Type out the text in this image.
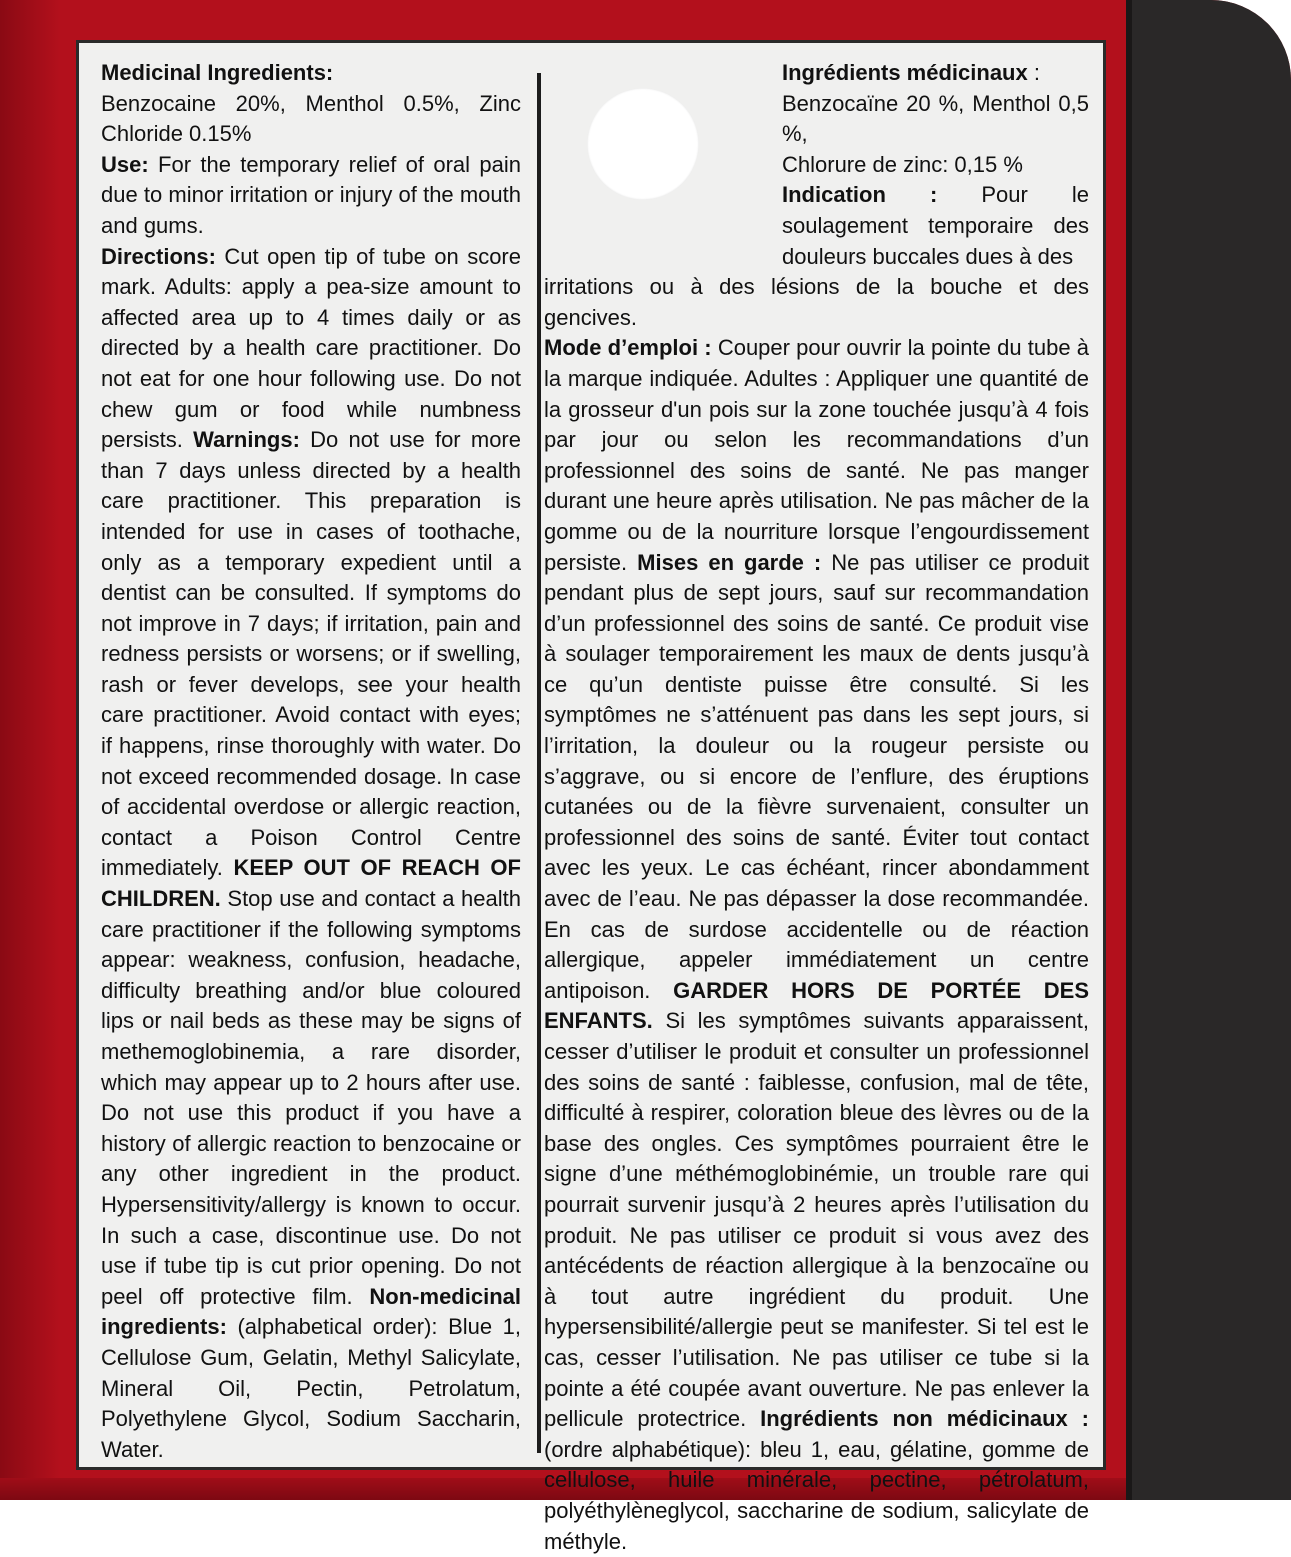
Medicinal Ingredients:
Benzocaine 20%, Menthol 0.5%, Zinc Chloride 0.15%

Use: For the temporary relief of oral pain due to minor irritation or injury of the mouth and gums.

Directions: Cut open tip of tube on score mark. Adults: apply a pea-size amount to affected area up to 4 times daily or as directed by a health care practitioner. Do not eat for one hour following use. Do not chew gum or food while numbness persists. Warnings: Do not use for more than 7 days unless directed by a health care practitioner. This preparation is intended for use in cases of toothache, only as a temporary expedient until a dentist can be consulted. If symptoms do not improve in 7 days; if irritation, pain and redness persists or worsens; or if swelling, rash or fever develops, see your health care practitioner. Avoid contact with eyes; if happens, rinse thoroughly with water. Do not exceed recommended dosage. In case of accidental overdose or allergic reaction, contact a Poison Control Centre immediately. KEEP OUT OF REACH OF CHILDREN. Stop use and contact a health care practitioner if the following symptoms appear: weakness, confusion, headache, difficulty breathing and/or blue coloured lips or nail beds as these may be signs of methemoglobinemia, a rare disorder, which may appear up to 2 hours after use. Do not use this product if you have a history of allergic reaction to benzocaine or any other ingredient in the product. Hypersensitivity/allergy is known to occur. In such a case, discontinue use. Do not use if tube tip is cut prior opening. Do not peel off protective film. Non-medicinal ingredients: (alphabetical order): Blue 1, Cellulose Gum, Gelatin, Methyl Salicylate, Mineral Oil, Pectin, Petrolatum, Polyethylene Glycol, Sodium Saccharin, Water.

Ingrédients médicinaux :
Benzocaïne 20 %, Menthol 0,5 %,
Chlorure de zinc: 0,15 %
Indication : Pour le soulagement temporaire des douleurs buccales dues à des

irritations ou à des lésions de la bouche et des gencives.
Mode d’emploi : Couper pour ouvrir la pointe du tube à la marque indiquée. Adultes : Appliquer une quantité de la grosseur d'un pois sur la zone touchée jusqu’à 4 fois par jour ou selon les recommandations d’un professionnel des soins de santé. Ne pas manger durant une heure après utilisation. Ne pas mâcher de la gomme ou de la nourriture lorsque l’engourdissement persiste. Mises en garde : Ne pas utiliser ce produit pendant plus de sept jours, sauf sur recommandation d’un professionnel des soins de santé. Ce produit vise à soulager temporairement les maux de dents jusqu’à ce qu’un dentiste puisse être consulté. Si les symptômes ne s’atténuent pas dans les sept jours, si l’irritation, la douleur ou la rougeur persiste ou s’aggrave, ou si encore de l’enflure, des éruptions cutanées ou de la fièvre survenaient, consulter un professionnel des soins de santé. Éviter tout contact avec les yeux. Le cas échéant, rincer abondamment avec de l’eau. Ne pas dépasser la dose recommandée. En cas de surdose accidentelle ou de réaction allergique, appeler immédiatement un centre antipoison. GARDER HORS DE PORTÉE DES ENFANTS. Si les symptômes suivants apparaissent, cesser d’utiliser le produit et consulter un professionnel des soins de santé : faiblesse, confusion, mal de tête, difficulté à respirer, coloration bleue des lèvres ou de la base des ongles. Ces symptômes pourraient être le signe d’une méthémoglobinémie, un trouble rare qui pourrait survenir jusqu’à 2 heures après l’utilisation du produit. Ne pas utiliser ce produit si vous avez des antécédents de réaction allergique à la benzocaïne ou à tout autre ingrédient du produit. Une hypersensibilité/allergie peut se manifester. Si tel est le cas, cesser l’utilisation. Ne pas utiliser ce tube si la pointe a été coupée avant ouverture. Ne pas enlever la pellicule protectrice. Ingrédients non médicinaux : (ordre alphabétique): bleu 1, eau, gélatine, gomme de cellulose, huile minérale, pectine, pétrolatum, polyéthylèneglycol, saccharine de sodium, salicylate de méthyle.
